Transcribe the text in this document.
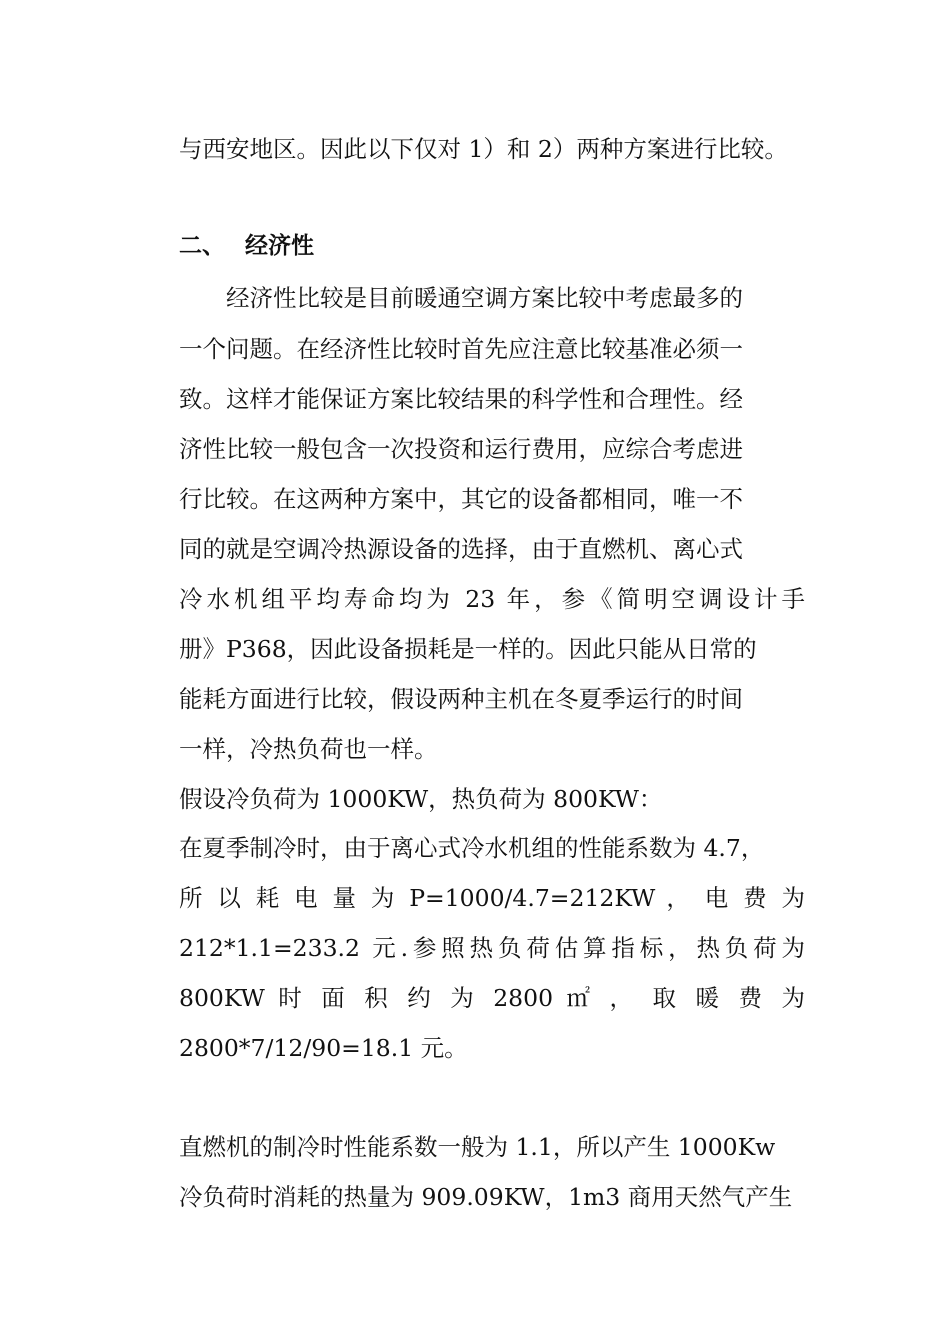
与西安地区。因此以下仅对 1）和 2）两种方案进行比较。
二、 经济性
　　经济性比较是目前暖通空调方案比较中考虑最多的
一个问题。在经济性比较时首先应注意比较基准必须一
致。这样才能保证方案比较结果的科学性和合理性。经
济性比较一般包含一次投资和运行费用，应综合考虑进
行比较。在这两种方案中，其它的设备都相同，唯一不
同的就是空调冷热源设备的选择，由于直燃机、离心式
冷水机组平均寿命均为 23 年，参《简明空调设计手
册》P368，因此设备损耗是一样的。因此只能从日常的
能耗方面进行比较，假设两种主机在冬夏季运行的时间
一样，冷热负荷也一样。
假设冷负荷为 1000KW，热负荷为 800KW：
在夏季制冷时，由于离心式冷水机组的性能系数为 4.7，
所 以 耗 电 量 为 P=1000/4.7=212KW ， 电 费 为
212*1.1=233.2 元.参照热负荷估算指标，热负荷为
800KW 时 面 积 约 为 2800 ㎡ ， 取 暖 费 为
2800*7/12/90=18.1 元。
直燃机的制冷时性能系数一般为 1.1，所以产生 1000Kw
冷负荷时消耗的热量为 909.09KW，1m3 商用天然气产生
